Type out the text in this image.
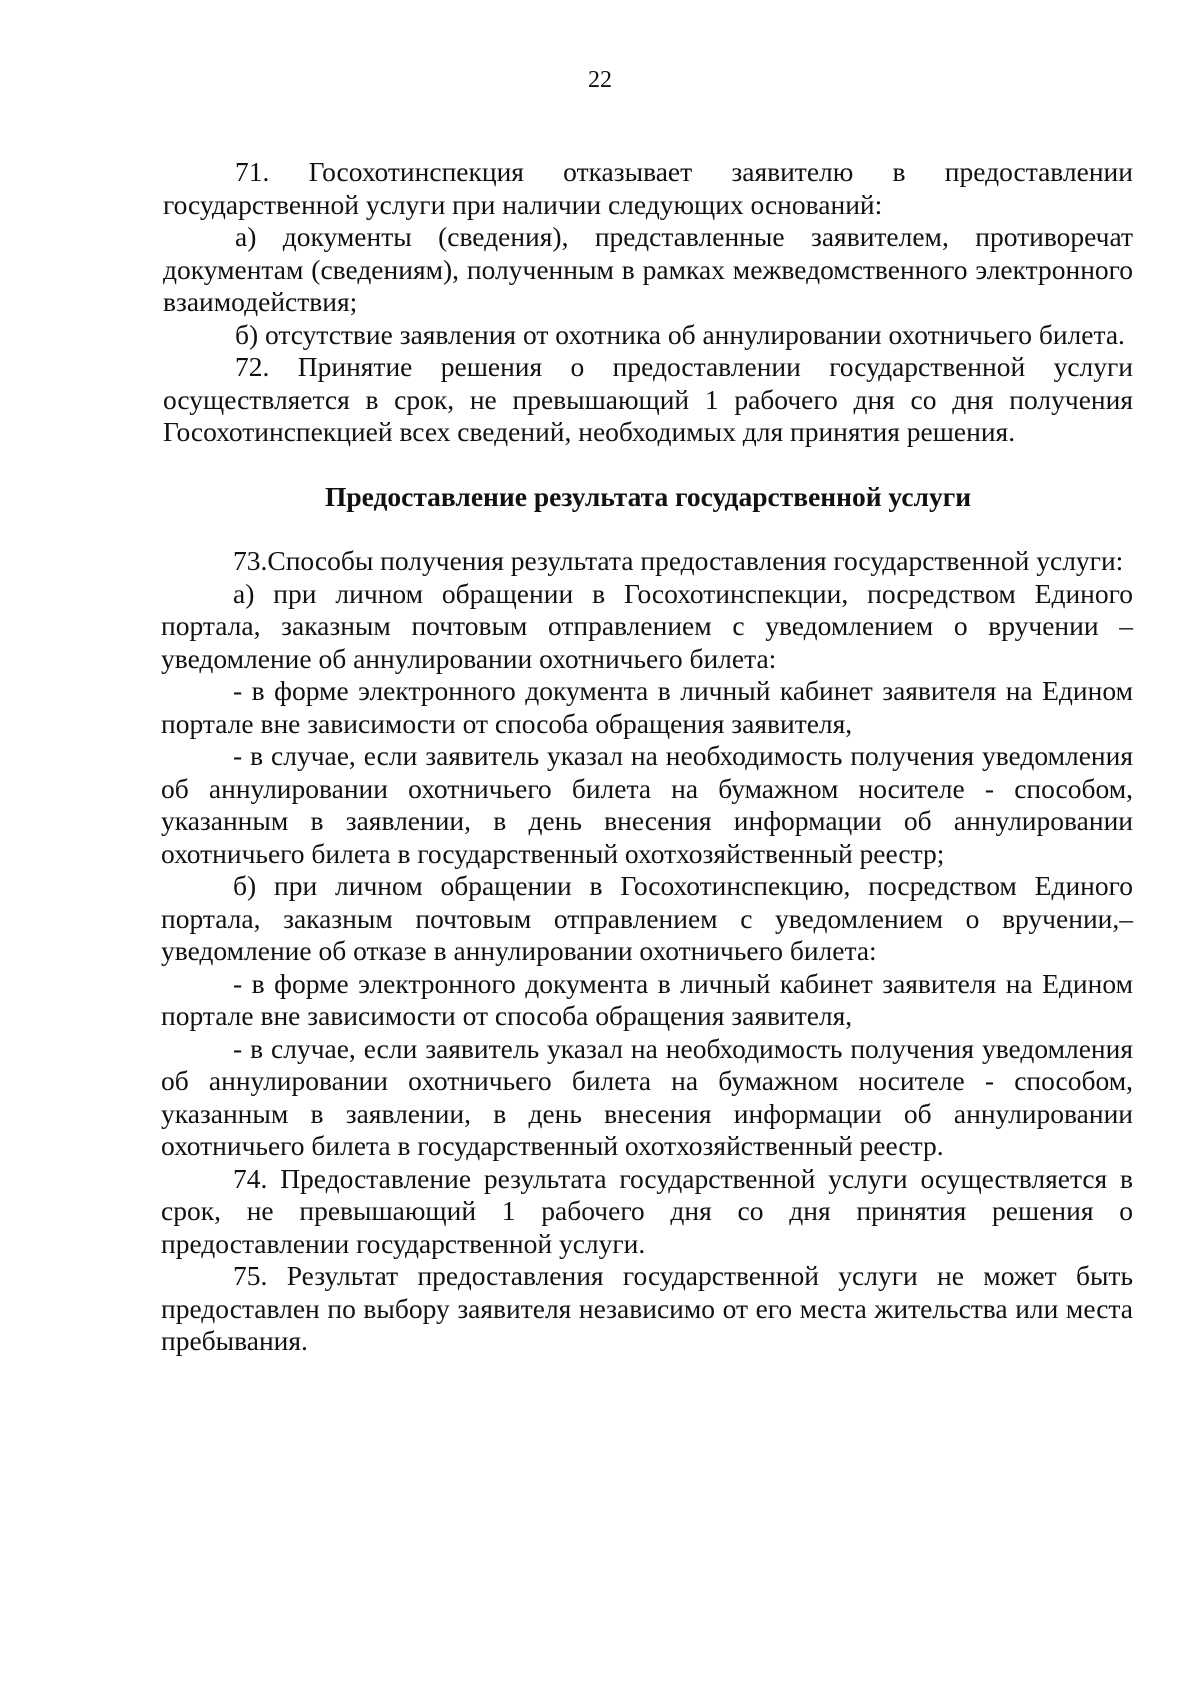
22

71. Госохотинспекция отказывает заявителю в предоставлении государственной услуги при наличии следующих оснований:

а) документы (сведения), представленные заявителем, противоречат документам (сведениям), полученным в рамках межведомственного электронного взаимодействия;

б) отсутствие заявления от охотника об аннулировании охотничьего билета.

72. Принятие решения о предоставлении государственной услуги осуществляется в срок, не превышающий 1 рабочего дня со дня получения Госохотинспекцией всех сведений, необходимых для принятия решения.

Предоставление результата государственной услуги

73.Способы получения результата предоставления государственной услуги:

а) при личном обращении в Госохотинспекции, посредством Единого портала, заказным почтовым отправлением с уведомлением о вручении – уведомление об аннулировании охотничьего билета:

- в форме электронного документа в личный кабинет заявителя на Едином портале вне зависимости от способа обращения заявителя,

- в случае, если заявитель указал на необходимость получения уведомления об аннулировании охотничьего билета на бумажном носителе - способом, указанным в заявлении, в день внесения информации об аннулировании охотничьего билета в государственный охотхозяйственный реестр;

б) при личном обращении в Госохотинспекцию, посредством Единого портала, заказным почтовым отправлением с уведомлением о вручении,– уведомление об отказе в аннулировании охотничьего билета:

- в форме электронного документа в личный кабинет заявителя на Едином портале вне зависимости от способа обращения заявителя,

- в случае, если заявитель указал на необходимость получения уведомления об аннулировании охотничьего билета на бумажном носителе - способом, указанным в заявлении, в день внесения информации об аннулировании охотничьего билета в государственный охотхозяйственный реестр.

74. Предоставление результата государственной услуги осуществляется в срок, не превышающий 1 рабочего дня со дня принятия решения о предоставлении государственной услуги.

75. Результат предоставления государственной услуги не может быть предоставлен по выбору заявителя независимо от его места жительства или места пребывания.
